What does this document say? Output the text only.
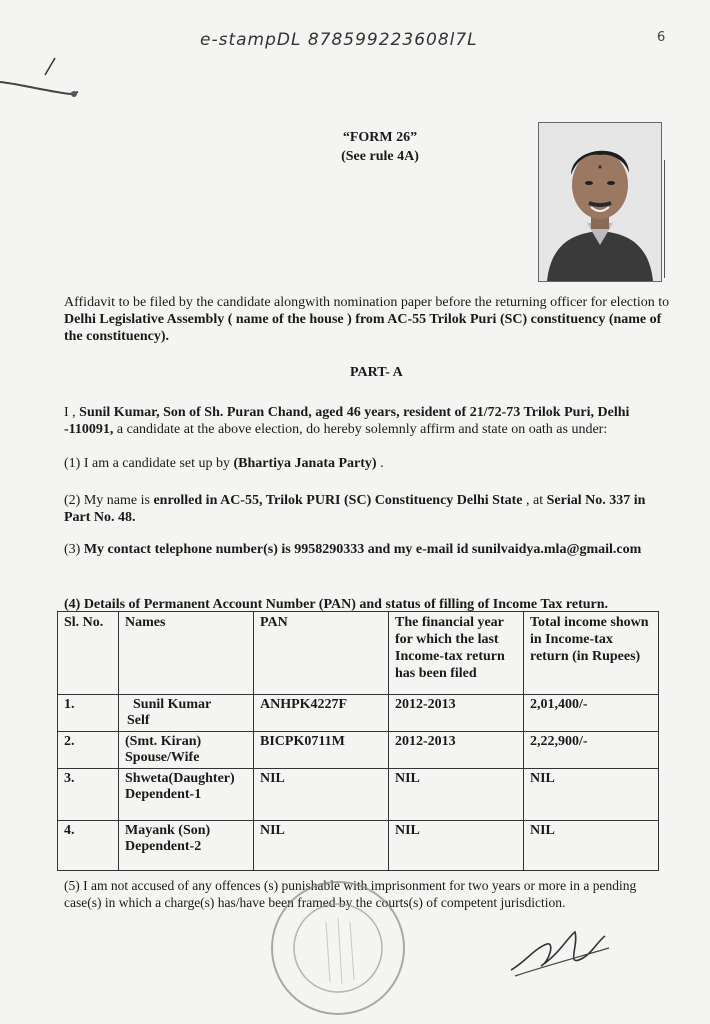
e-stampDL 878599223608l7L	6
“FORM 26”
(See rule 4A)
Affidavit to be filed by the candidate alongwith nomination paper before the returning officer for election to Delhi Legislative Assembly ( name of the house ) from AC-55 Trilok Puri (SC) constituency (name of the constituency).
PART- A
I , Sunil Kumar, Son of Sh. Puran Chand, aged 46 years, resident of 21/72-73 Trilok Puri, Delhi -110091, a candidate at the above election, do hereby solemnly affirm and state on oath as under:
(1) I am a candidate set up by (Bhartiya Janata Party) .
(2) My name is enrolled in AC-55, Trilok PURI (SC) Constituency Delhi State , at Serial No. 337 in Part No. 48.
(3) My contact telephone number(s) is 9958290333 and my e-mail id sunilvaidya.mla@gmail.com
(4) Details of Permanent Account Number (PAN) and status of filling of Income Tax return.
Sl. No.	Names	PAN	The financial year for which the last Income-tax return has been filed	Total income shown in Income-tax return (in Rupees)
1.	Sunil Kumar
Self	ANHPK4227F	2012-2013	2,01,400/-
2.	(Smt. Kiran)
Spouse/Wife	BICPK0711M	2012-2013	2,22,900/-
3.	Shweta(Daughter)
Dependent-1	NIL	NIL	NIL
4.	Mayank (Son)
Dependent-2	NIL	NIL	NIL
(5) I am not accused of any offences (s) punishable with imprisonment for two years or more in a pending case(s) in which a charge(s) has/have been framed by the courts(s) of competent jurisdiction.
